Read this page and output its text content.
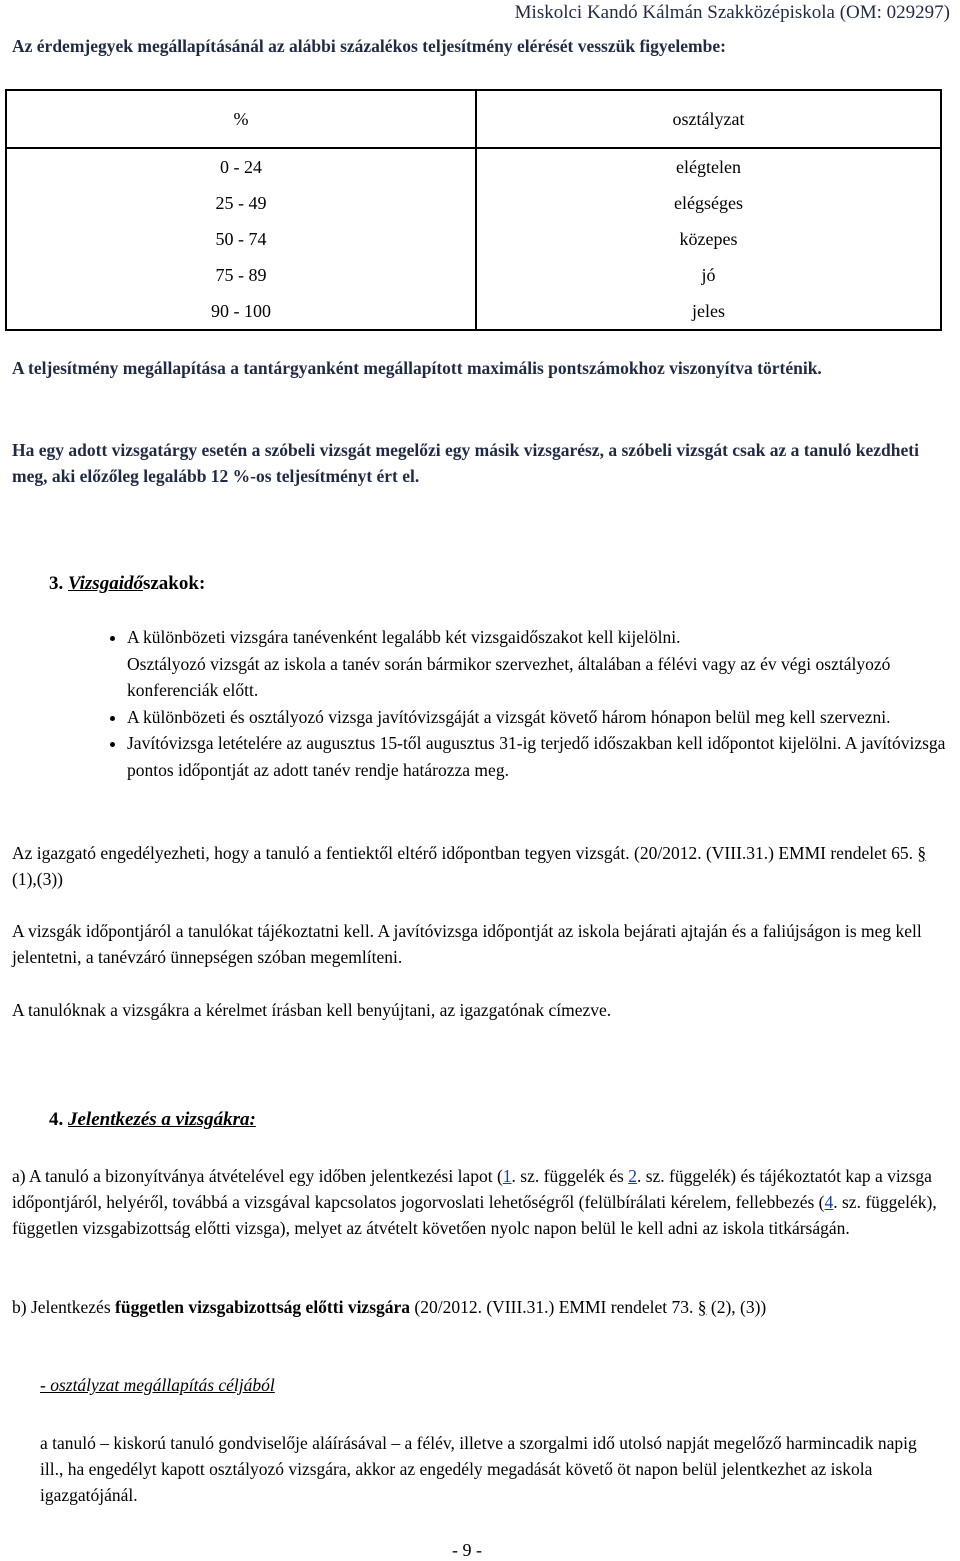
Miskolci Kandó Kálmán Szakközépiskola (OM: 029297)
Az érdemjegyek megállapításánál az alábbi százalékos teljesítmény elérését vesszük figyelembe:
%	osztályzat
0 - 24	elégtelen
25 - 49	elégséges
50 - 74	közepes
75 - 89	jó
90 - 100	jeles

A teljesítmény megállapítása a tantárgyanként megállapított maximális pontszámokhoz viszonyítva történik.

Ha egy adott vizsgatárgy esetén a szóbeli vizsgát megelőzi egy másik vizsgarész, a szóbeli vizsgát csak az a tanuló kezdheti meg, aki előzőleg legalább 12 %-os teljesítményt ért el.

3. Vizsgaidőszakok:
• A különbözeti vizsgára tanévenként legalább két vizsgaidőszakot kell kijelölni.
Osztályozó vizsgát az iskola a tanév során bármikor szervezhet, általában a félévi vagy az év végi osztályozó konferenciák előtt.
• A különbözeti és osztályozó vizsga javítóvizsgáját a vizsgát követő három hónapon belül meg kell szervezni.
• Javítóvizsga letételére az augusztus 15-től augusztus 31-ig terjedő időszakban kell időpontot kijelölni. A javítóvizsga pontos időpontját az adott tanév rendje határozza meg.

Az igazgató engedélyezheti, hogy a tanuló a fentiektől eltérő időpontban tegyen vizsgát. (20/2012. (VIII.31.) EMMI rendelet 65. § (1),(3))

A vizsgák időpontjáról a tanulókat tájékoztatni kell. A javítóvizsga időpontját az iskola bejárati ajtaján és a faliújságon is meg kell jelentetni, a tanévzáró ünnepségen szóban megemlíteni.

A tanulóknak a vizsgákra a kérelmet írásban kell benyújtani, az igazgatónak címezve.

4. Jelentkezés a vizsgákra:

a) A tanuló a bizonyítványa átvételével egy időben jelentkezési lapot (1. sz. függelék és 2. sz. függelék) és tájékoztatót kap a vizsga időpontjáról, helyéről, továbbá a vizsgával kapcsolatos jogorvoslati lehetőségről (felülbírálati kérelem, fellebbezés (4. sz. függelék), független vizsgabizottság előtti vizsga), melyet az átvételt követően nyolc napon belül le kell adni az iskola titkárságán.

b) Jelentkezés független vizsgabizottság előtti vizsgára (20/2012. (VIII.31.) EMMI rendelet 73. § (2), (3))

- osztályzat megállapítás céljából

a tanuló – kiskorú tanuló gondviselője aláírásával – a félév, illetve a szorgalmi idő utolsó napját megelőző harmincadik napig ill., ha engedélyt kapott osztályozó vizsgára, akkor az engedély megadását követő öt napon belül jelentkezhet az iskola igazgatójánál.

- 9 -
